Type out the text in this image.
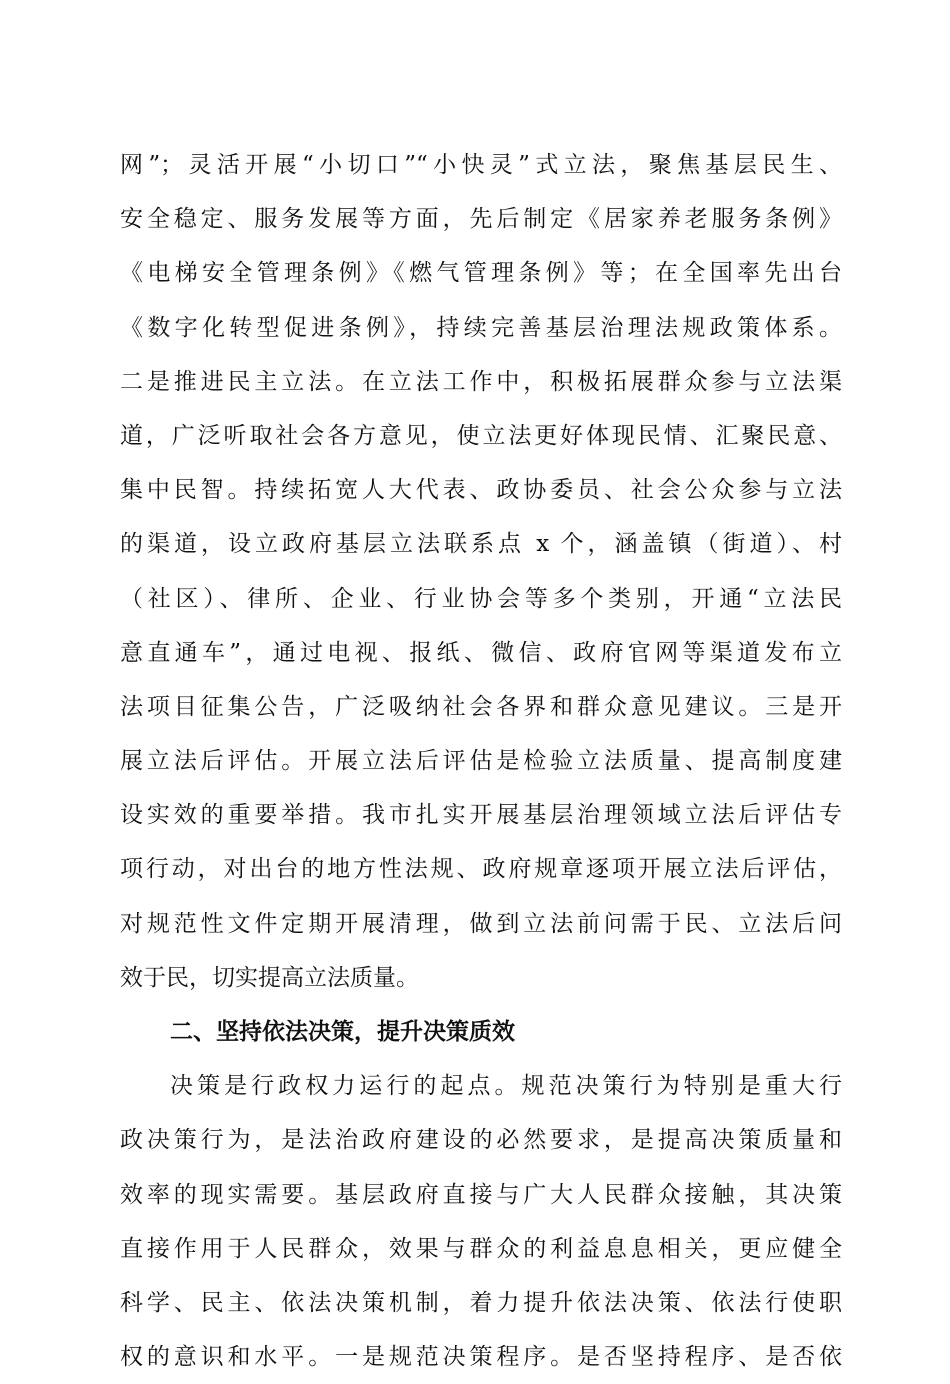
网”；灵活开展“小切口”“小快灵”式立法，聚焦基层民生、
安全稳定、服务发展等方面，先后制定《居家养老服务条例》
《电梯安全管理条例》《燃气管理条例》等；在全国率先出台
《数字化转型促进条例》，持续完善基层治理法规政策体系。
二是推进民主立法。在立法工作中，积极拓展群众参与立法渠
道，广泛听取社会各方意见，使立法更好体现民情、汇聚民意、
集中民智。持续拓宽人大代表、政协委员、社会公众参与立法
的渠道，设立政府基层立法联系点 x 个，涵盖镇（街道）、村
（社区）、律所、企业、行业协会等多个类别，开通“立法民
意直通车”，通过电视、报纸、微信、政府官网等渠道发布立
法项目征集公告，广泛吸纳社会各界和群众意见建议。三是开
展立法后评估。开展立法后评估是检验立法质量、提高制度建
设实效的重要举措。我市扎实开展基层治理领域立法后评估专
项行动，对出台的地方性法规、政府规章逐项开展立法后评估，
对规范性文件定期开展清理，做到立法前问需于民、立法后问
效于民，切实提高立法质量。
二、坚持依法决策，提升决策质效
决策是行政权力运行的起点。规范决策行为特别是重大行
政决策行为，是法治政府建设的必然要求，是提高决策质量和
效率的现实需要。基层政府直接与广大人民群众接触，其决策
直接作用于人民群众，效果与群众的利益息息相关，更应健全
科学、民主、依法决策机制，着力提升依法决策、依法行使职
权的意识和水平。一是规范决策程序。是否坚持程序、是否依
